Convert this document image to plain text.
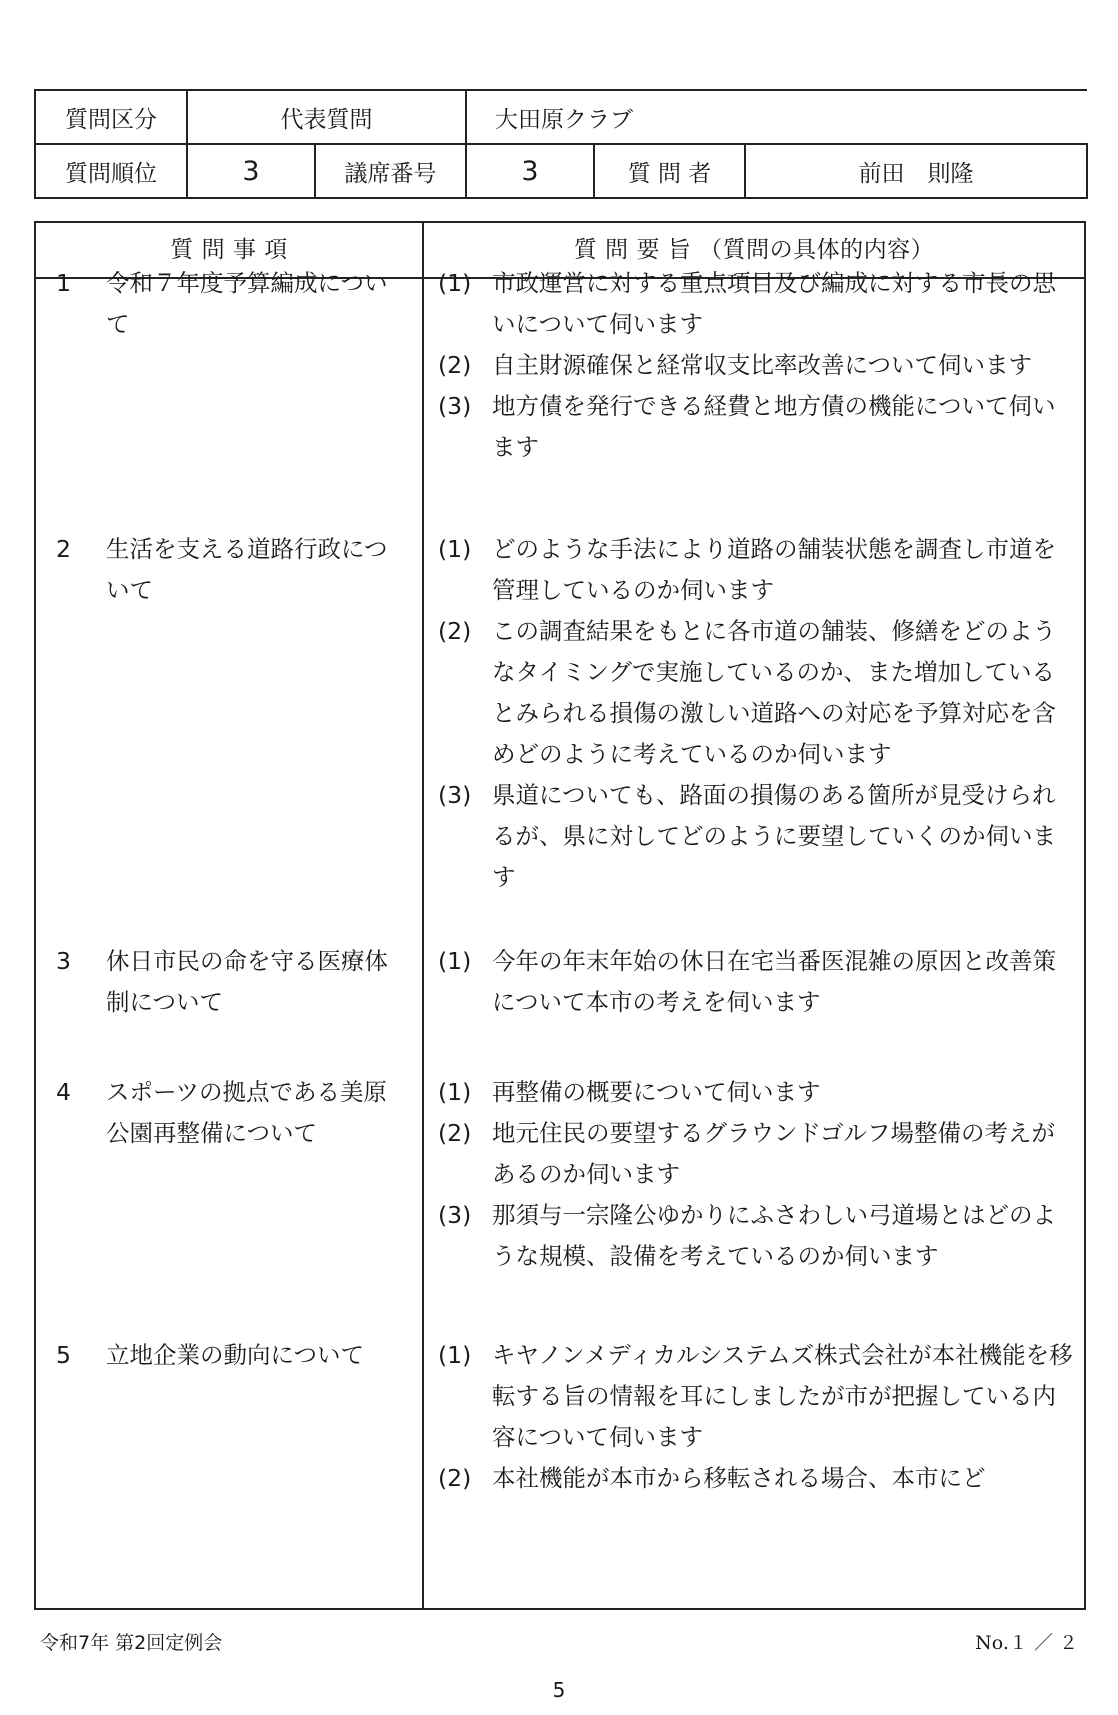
質問区分	代表質問		大田原クラブ		
質問順位	3	議席番号	3	質 問 者	前田　則隆
質 問 事 項	質 問 要 旨 （質問の具体的内容）
1	令和７年度予算編成について
(1) 市政運営に対する重点項目及び編成に対する市長の思いについて伺います
(2) 自主財源確保と経常収支比率改善について伺います
(3) 地方債を発行できる経費と地方債の機能について伺います
2	生活を支える道路行政について
(1) どのような手法により道路の舗装状態を調査し市道を管理しているのか伺います
(2) この調査結果をもとに各市道の舗装、修繕をどのようなタイミングで実施しているのか、また増加しているとみられる損傷の激しい道路への対応を予算対応を含めどのように考えているのか伺います
(3) 県道についても、路面の損傷のある箇所が見受けられるが、県に対してどのように要望していくのか伺います
3	休日市民の命を守る医療体制について
(1) 今年の年末年始の休日在宅当番医混雑の原因と改善策について本市の考えを伺います
4	スポーツの拠点である美原公園再整備について
(1) 再整備の概要について伺います
(2) 地元住民の要望するグラウンドゴルフ場整備の考えがあるのか伺います
(3) 那須与一宗隆公ゆかりにふさわしい弓道場とはどのような規模、設備を考えているのか伺います
5	立地企業の動向について	(1) キヤノンメディカルシステムズ株式会社が本社機能を移転する旨の情報を耳にしましたが市が把握している内容について伺います
(2) 本社機能が本市から移転される場合、本市にど
令和7年 第2回定例会	No.１ ／ ２
5
